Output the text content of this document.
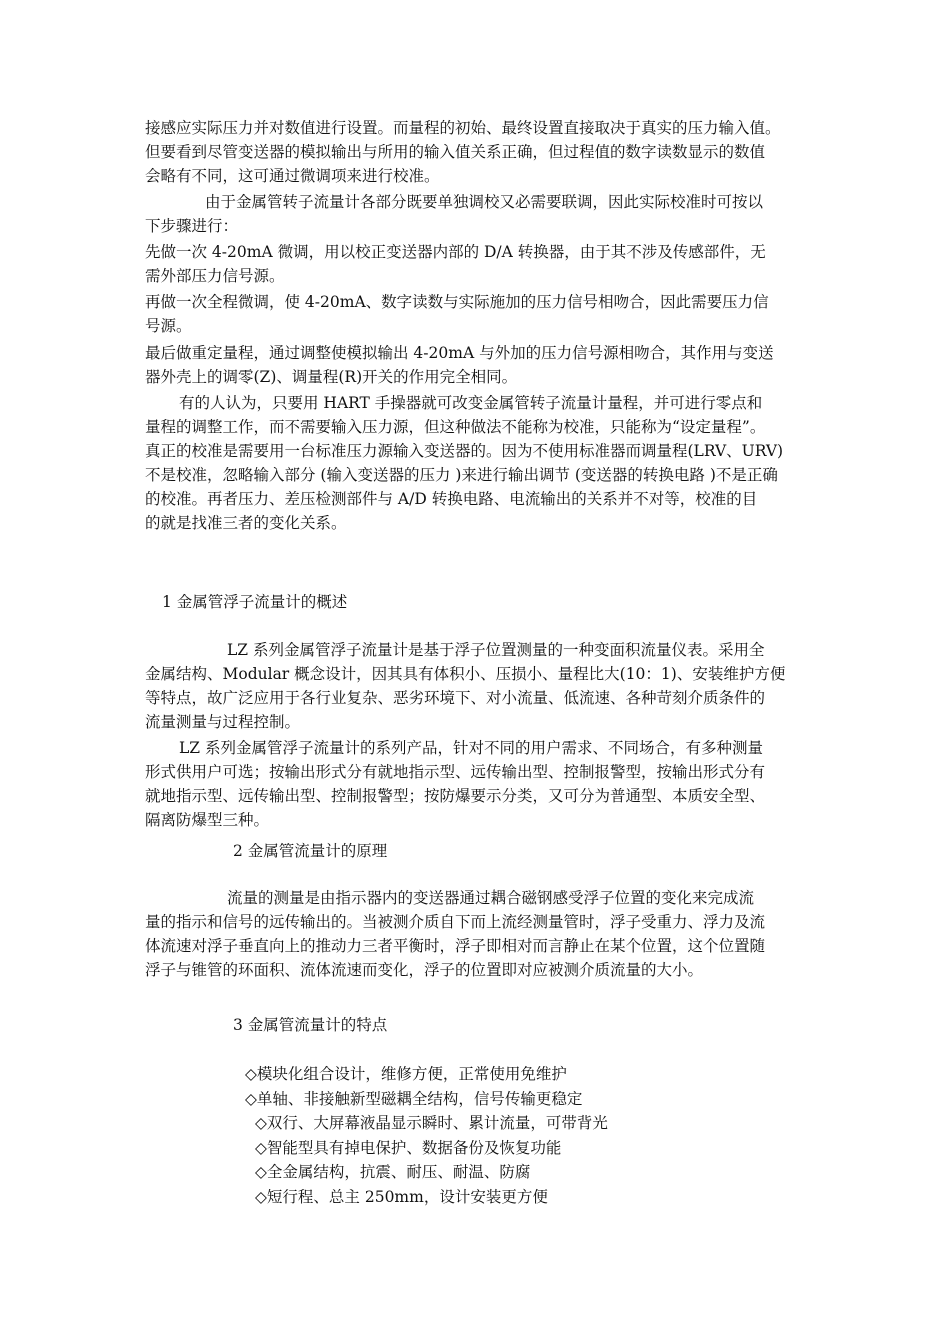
接感应实际压力并对数值进行设置。而量程的初始、最终设置直接取决于真实的压力输入值。
但要看到尽管变送器的模拟输出与所用的输入值关系正确，但过程值的数字读数显示的数值
会略有不同，这可通过微调项来进行校准。
由于金属管转子流量计各部分既要单独调校又必需要联调，因此实际校准时可按以
下步骤进行：
先做一次 4-20mA 微调，用以校正变送器内部的 D/A 转换器，由于其不涉及传感部件，无
需外部压力信号源。
再做一次全程微调，使 4-20mA、数字读数与实际施加的压力信号相吻合，因此需要压力信
号源。
最后做重定量程，通过调整使模拟输出 4-20mA 与外加的压力信号源相吻合，其作用与变送
器外壳上的调零(Z)、调量程(R)开关的作用完全相同。
有的人认为，只要用 HART 手操器就可改变金属管转子流量计量程，并可进行零点和
量程的调整工作，而不需要输入压力源，但这种做法不能称为校准，只能称为“设定量程”。
真正的校准是需要用一台标准压力源输入变送器的。因为不使用标准器而调量程(LRV、URV)
不是校准，忽略输入部分 (输入变送器的压力 )来进行输出调节 (变送器的转换电路 )不是正确
的校准。再者压力、差压检测部件与 A/D 转换电路、电流输出的关系并不对等，校准的目
的就是找准三者的变化关系。
1 金属管浮子流量计的概述
LZ 系列金属管浮子流量计是基于浮子位置测量的一种变面积流量仪表。采用全
金属结构、Modular 概念设计，因其具有体积小、压损小、量程比大(10：1)、安装维护方便
等特点，故广泛应用于各行业复杂、恶劣环境下、对小流量、低流速、各种苛刻介质条件的
流量测量与过程控制。
LZ 系列金属管浮子流量计的系列产品，针对不同的用户需求、不同场合，有多种测量
形式供用户可选；按输出形式分有就地指示型、远传输出型、控制报警型，按输出形式分有
就地指示型、远传输出型、控制报警型；按防爆要示分类，又可分为普通型、本质安全型、
隔离防爆型三种。
2 金属管流量计的原理
流量的测量是由指示器内的变送器通过耦合磁钢感受浮子位置的变化来完成流
量的指示和信号的远传输出的。当被测介质自下而上流经测量管时，浮子受重力、浮力及流
体流速对浮子垂直向上的推动力三者平衡时，浮子即相对而言静止在某个位置，这个位置随
浮子与锥管的环面积、流体流速而变化，浮子的位置即对应被测介质流量的大小。
3 金属管流量计的特点
◇模块化组合设计，维修方便，正常使用免维护
◇单轴、非接触新型磁耦全结构，信号传输更稳定
◇双行、大屏幕液晶显示瞬时、累计流量，可带背光
◇智能型具有掉电保护、数据备份及恢复功能
◇全金属结构，抗震、耐压、耐温、防腐
◇短行程、总主 250mm，设计安装更方便
